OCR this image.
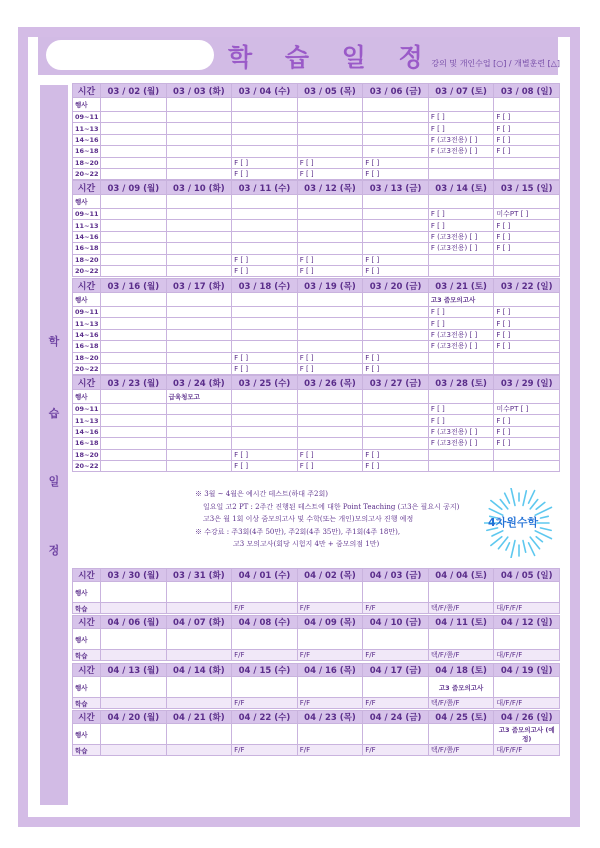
학 습 일 정
강의 및 개인수업 [○] / 개별훈련 [△]
학
습
일
정
시간	03 / 02 (월)	03 / 03 (화)	03 / 04 (수)	03 / 05 (목)	03 / 06 (금)	03 / 07 (토)	03 / 08 (일)
행사							
09~11						F [ ]	F [ ]
11~13						F [ ]	F [ ]
14~16						F (고3전용) [ ]	F [ ]
16~18						F (고3전용) [ ]	F [ ]
18~20			F [ ]	F [ ]	F [ ]		
20~22			F [ ]	F [ ]	F [ ]		
시간	03 / 09 (월)	03 / 10 (화)	03 / 11 (수)	03 / 12 (목)	03 / 13 (금)	03 / 14 (토)	03 / 15 (일)
행사							
09~11						F [ ]	미수PT [ ]
11~13						F [ ]	F [ ]
14~16						F (고3전용) [ ]	F [ ]
16~18						F (고3전용) [ ]	F [ ]
18~20			F [ ]	F [ ]	F [ ]		
20~22			F [ ]	F [ ]	F [ ]		
시간	03 / 16 (월)	03 / 17 (화)	03 / 18 (수)	03 / 19 (목)	03 / 20 (금)	03 / 21 (토)	03 / 22 (일)
행사						고3 줌모의고사	
09~11						F [ ]	F [ ]
11~13						F [ ]	F [ ]
14~16						F (고3전용) [ ]	F [ ]
16~18						F (고3전용) [ ]	F [ ]
18~20			F [ ]	F [ ]	F [ ]		
20~22			F [ ]	F [ ]	F [ ]		
시간	03 / 23 (월)	03 / 24 (화)	03 / 25 (수)	03 / 26 (목)	03 / 27 (금)	03 / 28 (토)	03 / 29 (일)
행사		급육청모고					
09~11						F [ ]	미수PT [ ]
11~13						F [ ]	F [ ]
14~16						F (고3전용) [ ]	F [ ]
16~18						F (고3전용) [ ]	F [ ]
18~20			F [ ]	F [ ]	F [ ]		
20~22			F [ ]	F [ ]	F [ ]		
※ 3월 ~ 4월은 예시간 테스트(하대 주2회)
일요일 고2 PT : 2주간 진행된 테스트에 대한 Point Teaching (고3은 필요시 공지)
고3은 월 1회 이상 줌모의고사 및 수학(또는 개인)모의고사 진행 예정
※ 수강료 : 주3회(4주 50만), 주2회(4주 35만), 주1회(4주 18만),
고3 모의고사(회당 시험지 4만 + 줌모의점 1만)
4차원수학
시간	03 / 30 (월)	03 / 31 (화)	04 / 01 (수)	04 / 02 (목)	04 / 03 (금)	04 / 04 (토)	04 / 05 (일)
행사							
학습			F/F	F/F	F/F	택/F/쯤/F	대/F/F/F
시간	04 / 06 (월)	04 / 07 (화)	04 / 08 (수)	04 / 09 (목)	04 / 10 (금)	04 / 11 (토)	04 / 12 (일)
행사							
학습			F/F	F/F	F/F	택/F/쯤/F	대/F/F/F
시간	04 / 13 (월)	04 / 14 (화)	04 / 15 (수)	04 / 16 (목)	04 / 17 (금)	04 / 18 (토)	04 / 19 (일)
행사						고3 줌모의고사	
학습			F/F	F/F	F/F	택/F/쯤/F	대/F/F/F
시간	04 / 20 (월)	04 / 21 (화)	04 / 22 (수)	04 / 23 (목)	04 / 24 (금)	04 / 25 (토)	04 / 26 (일)
행사							고3 줌모의고사 (예정)
학습			F/F	F/F	F/F	택/F/쯤/F	대/F/F/F
